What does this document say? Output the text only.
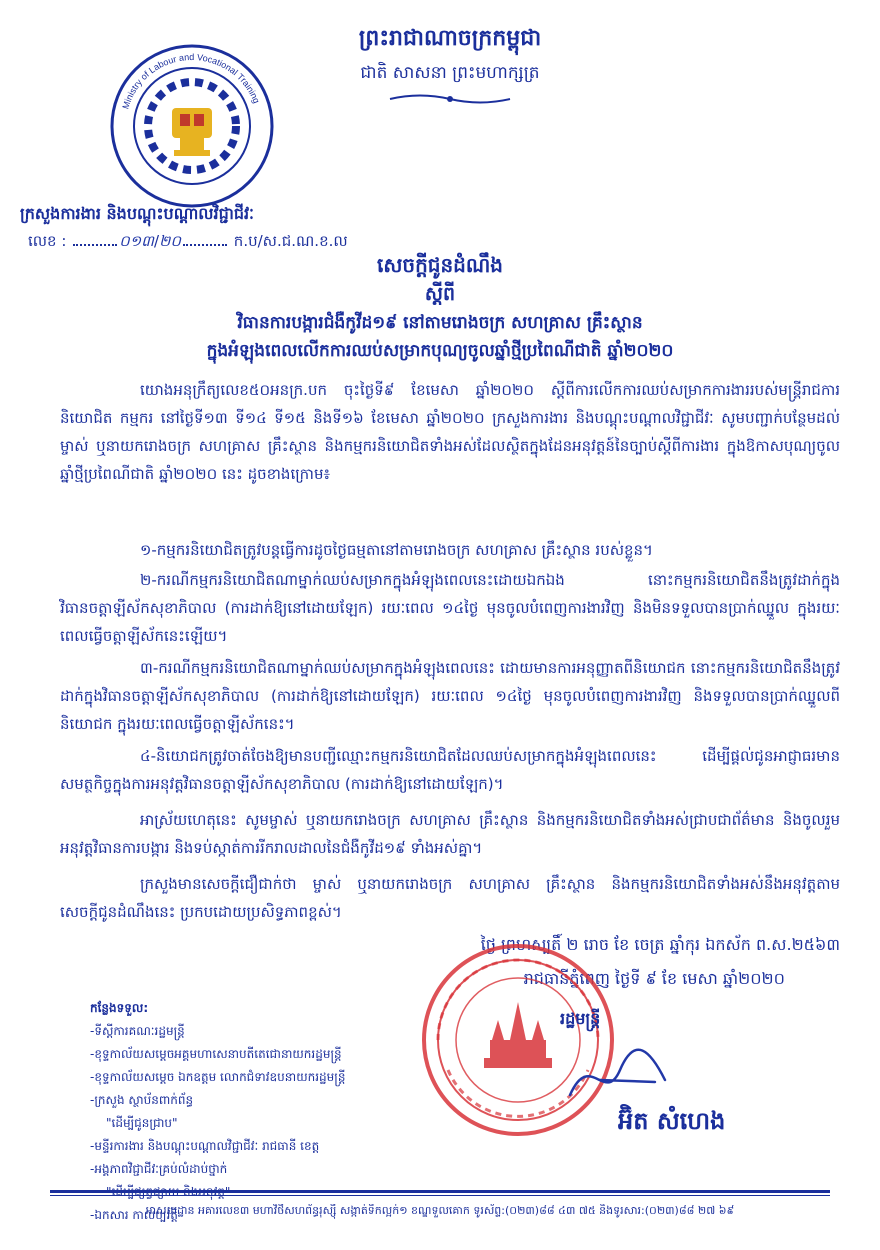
Ministry of Labour and Vocational Training
ព្រះរាជាណាចក្រកម្ពុជា
ជាតិ សាសនា ព្រះមហាក្សត្រ
ក្រសួងការងារ និងបណ្តុះបណ្តាលវិជ្ជាជីវៈ
លេខ :	០១៣/២០	ក.ប/ស.ជ.ណ.ខ.ល
សេចក្តីជូនដំណឹង
ស្តីពី
វិធានការបង្ការជំងឺកូវីដ១៩ នៅតាមរោងចក្រ សហគ្រាស គ្រឹះស្ថាន
ក្នុងអំឡុងពេលលើកការឈប់សម្រាកបុណ្យចូលឆ្នាំថ្មីប្រពៃណីជាតិ ឆ្នាំ២០២០
យោងអនុក្រឹត្យលេខ៥០អនក្រ.បក ចុះថ្ងៃទី៩ ខែមេសា ឆ្នាំ២០២០ ស្តីពីការលើកការឈប់សម្រាកការងាររបស់មន្ត្រីរាជការ និយោជិត កម្មករ នៅថ្ងៃទី១៣ ទី១៤ ទី១៥ និងទី១៦ ខែមេសា ឆ្នាំ២០២០ ក្រសួងការងារ និងបណ្តុះបណ្តាលវិជ្ជាជីវៈ សូមបញ្ជាក់បន្ថែមដល់ម្ចាស់ ឬនាយករោងចក្រ សហគ្រាស គ្រឹះស្ថាន និងកម្មករនិយោជិតទាំងអស់ដែលស្ថិតក្នុងដែនអនុវត្តន៍នៃច្បាប់ស្តីពីការងារ ក្នុងឱកាសបុណ្យចូលឆ្នាំថ្មីប្រពៃណីជាតិ ឆ្នាំ២០២០ នេះ ដូចខាងក្រោម៖
១-កម្មករនិយោជិតត្រូវបន្តធ្វើការដូចថ្ងៃធម្មតានៅតាមរោងចក្រ សហគ្រាស គ្រឹះស្ថាន របស់ខ្លួន។
២-ករណីកម្មករនិយោជិតណាម្នាក់ឈប់សម្រាកក្នុងអំឡុងពេលនេះដោយឯកឯង នោះកម្មករនិយោជិតនឹងត្រូវដាក់ក្នុងវិធានចត្តាឡីស័កសុខាភិបាល (ការដាក់ឱ្យនៅដោយឡែក) រយៈពេល ១៤ថ្ងៃ មុនចូលបំពេញការងារវិញ និងមិនទទួលបានប្រាក់ឈ្នួល ក្នុងរយៈពេលធ្វើចត្តាឡីស័កនេះឡើយ។
៣-ករណីកម្មករនិយោជិតណាម្នាក់ឈប់សម្រាកក្នុងអំឡុងពេលនេះ ដោយមានការអនុញ្ញាតពីនិយោជក នោះកម្មករនិយោជិតនឹងត្រូវដាក់ក្នុងវិធានចត្តាឡីស័កសុខាភិបាល (ការដាក់ឱ្យនៅដោយឡែក) រយៈពេល ១៤ថ្ងៃ មុនចូលបំពេញការងារវិញ និងទទួលបានប្រាក់ឈ្នួលពីនិយោជក ក្នុងរយៈពេលធ្វើចត្តាឡីស័កនេះ។
៤-និយោជកត្រូវចាត់ចែងឱ្យមានបញ្ជីឈ្មោះកម្មករនិយោជិតដែលឈប់សម្រាកក្នុងអំឡុងពេលនេះ ដើម្បីផ្តល់ជូនអាជ្ញាធរមានសមត្ថកិច្ចក្នុងការអនុវត្តវិធានចត្តាឡីស័កសុខាភិបាល (ការដាក់ឱ្យនៅដោយឡែក)។
អាស្រ័យហេតុនេះ សូមម្ចាស់ ឬនាយករោងចក្រ សហគ្រាស គ្រឹះស្ថាន និងកម្មករនិយោជិតទាំងអស់ជ្រាបជាព័ត៌មាន និងចូលរួមអនុវត្តវិធានការបង្ការ និងទប់ស្កាត់ការរីករាលដាលនៃជំងឺកូវីដ១៩ ទាំងអស់គ្នា។
ក្រសួងមានសេចក្តីជឿជាក់ថា ម្ចាស់ ឬនាយករោងចក្រ សហគ្រាស គ្រឹះស្ថាន និងកម្មករនិយោជិតទាំងអស់នឹងអនុវត្តតាមសេចក្តីជូនដំណឹងនេះ ប្រកបដោយប្រសិទ្ធភាពខ្ពស់។
ថ្ងៃ ព្រហស្បតិ៍ ២ រោច ខែ ចេត្រ ឆ្នាំកុរ ឯកស័ក ព.ស.២៥៦៣
រាជធានីភ្នំពេញ ថ្ងៃទី ៩ ខែ មេសា ឆ្នាំ២០២០
រដ្ឋមន្ត្រី
អ៊ិត សំហេង
កន្លែងទទួល:
-ទីស្តីការគណៈរដ្ឋមន្ត្រី
-ខុទ្ទកាល័យសម្តេចអគ្គមហាសេនាបតីតេជោនាយករដ្ឋមន្ត្រី
-ខុទ្ទកាល័យសម្តេច ឯកឧត្តម លោកជំទាវឧបនាយករដ្ឋមន្ត្រី
-ក្រសួង ស្ថាប័នពាក់ព័ន្ធ
"ដើម្បីជូនជ្រាប"
-មន្ទីរការងារ និងបណ្តុះបណ្តាលវិជ្ជាជីវៈ រាជធានី ខេត្ត
-អង្គភាពវិជ្ជាជីវៈគ្រប់លំដាប់ថ្នាក់
"ដើម្បីផ្សព្វផ្សាយ និងអនុវត្ត"
-ឯកសារ កាលប្បវត្តិ
អាសយដ្ឋាន អគារលេខ៣ មហាវិថីសហព័ន្ធរុស្ស៊ី សង្កាត់ទឹកល្អក់១ ខណ្ឌទួលគោក ទូរស័ព្ទ:(០២៣)៨៨ ៤៣ ៧៥ និងទូរសារ:(០២៣)៨៨ ២៧ ៦៩
